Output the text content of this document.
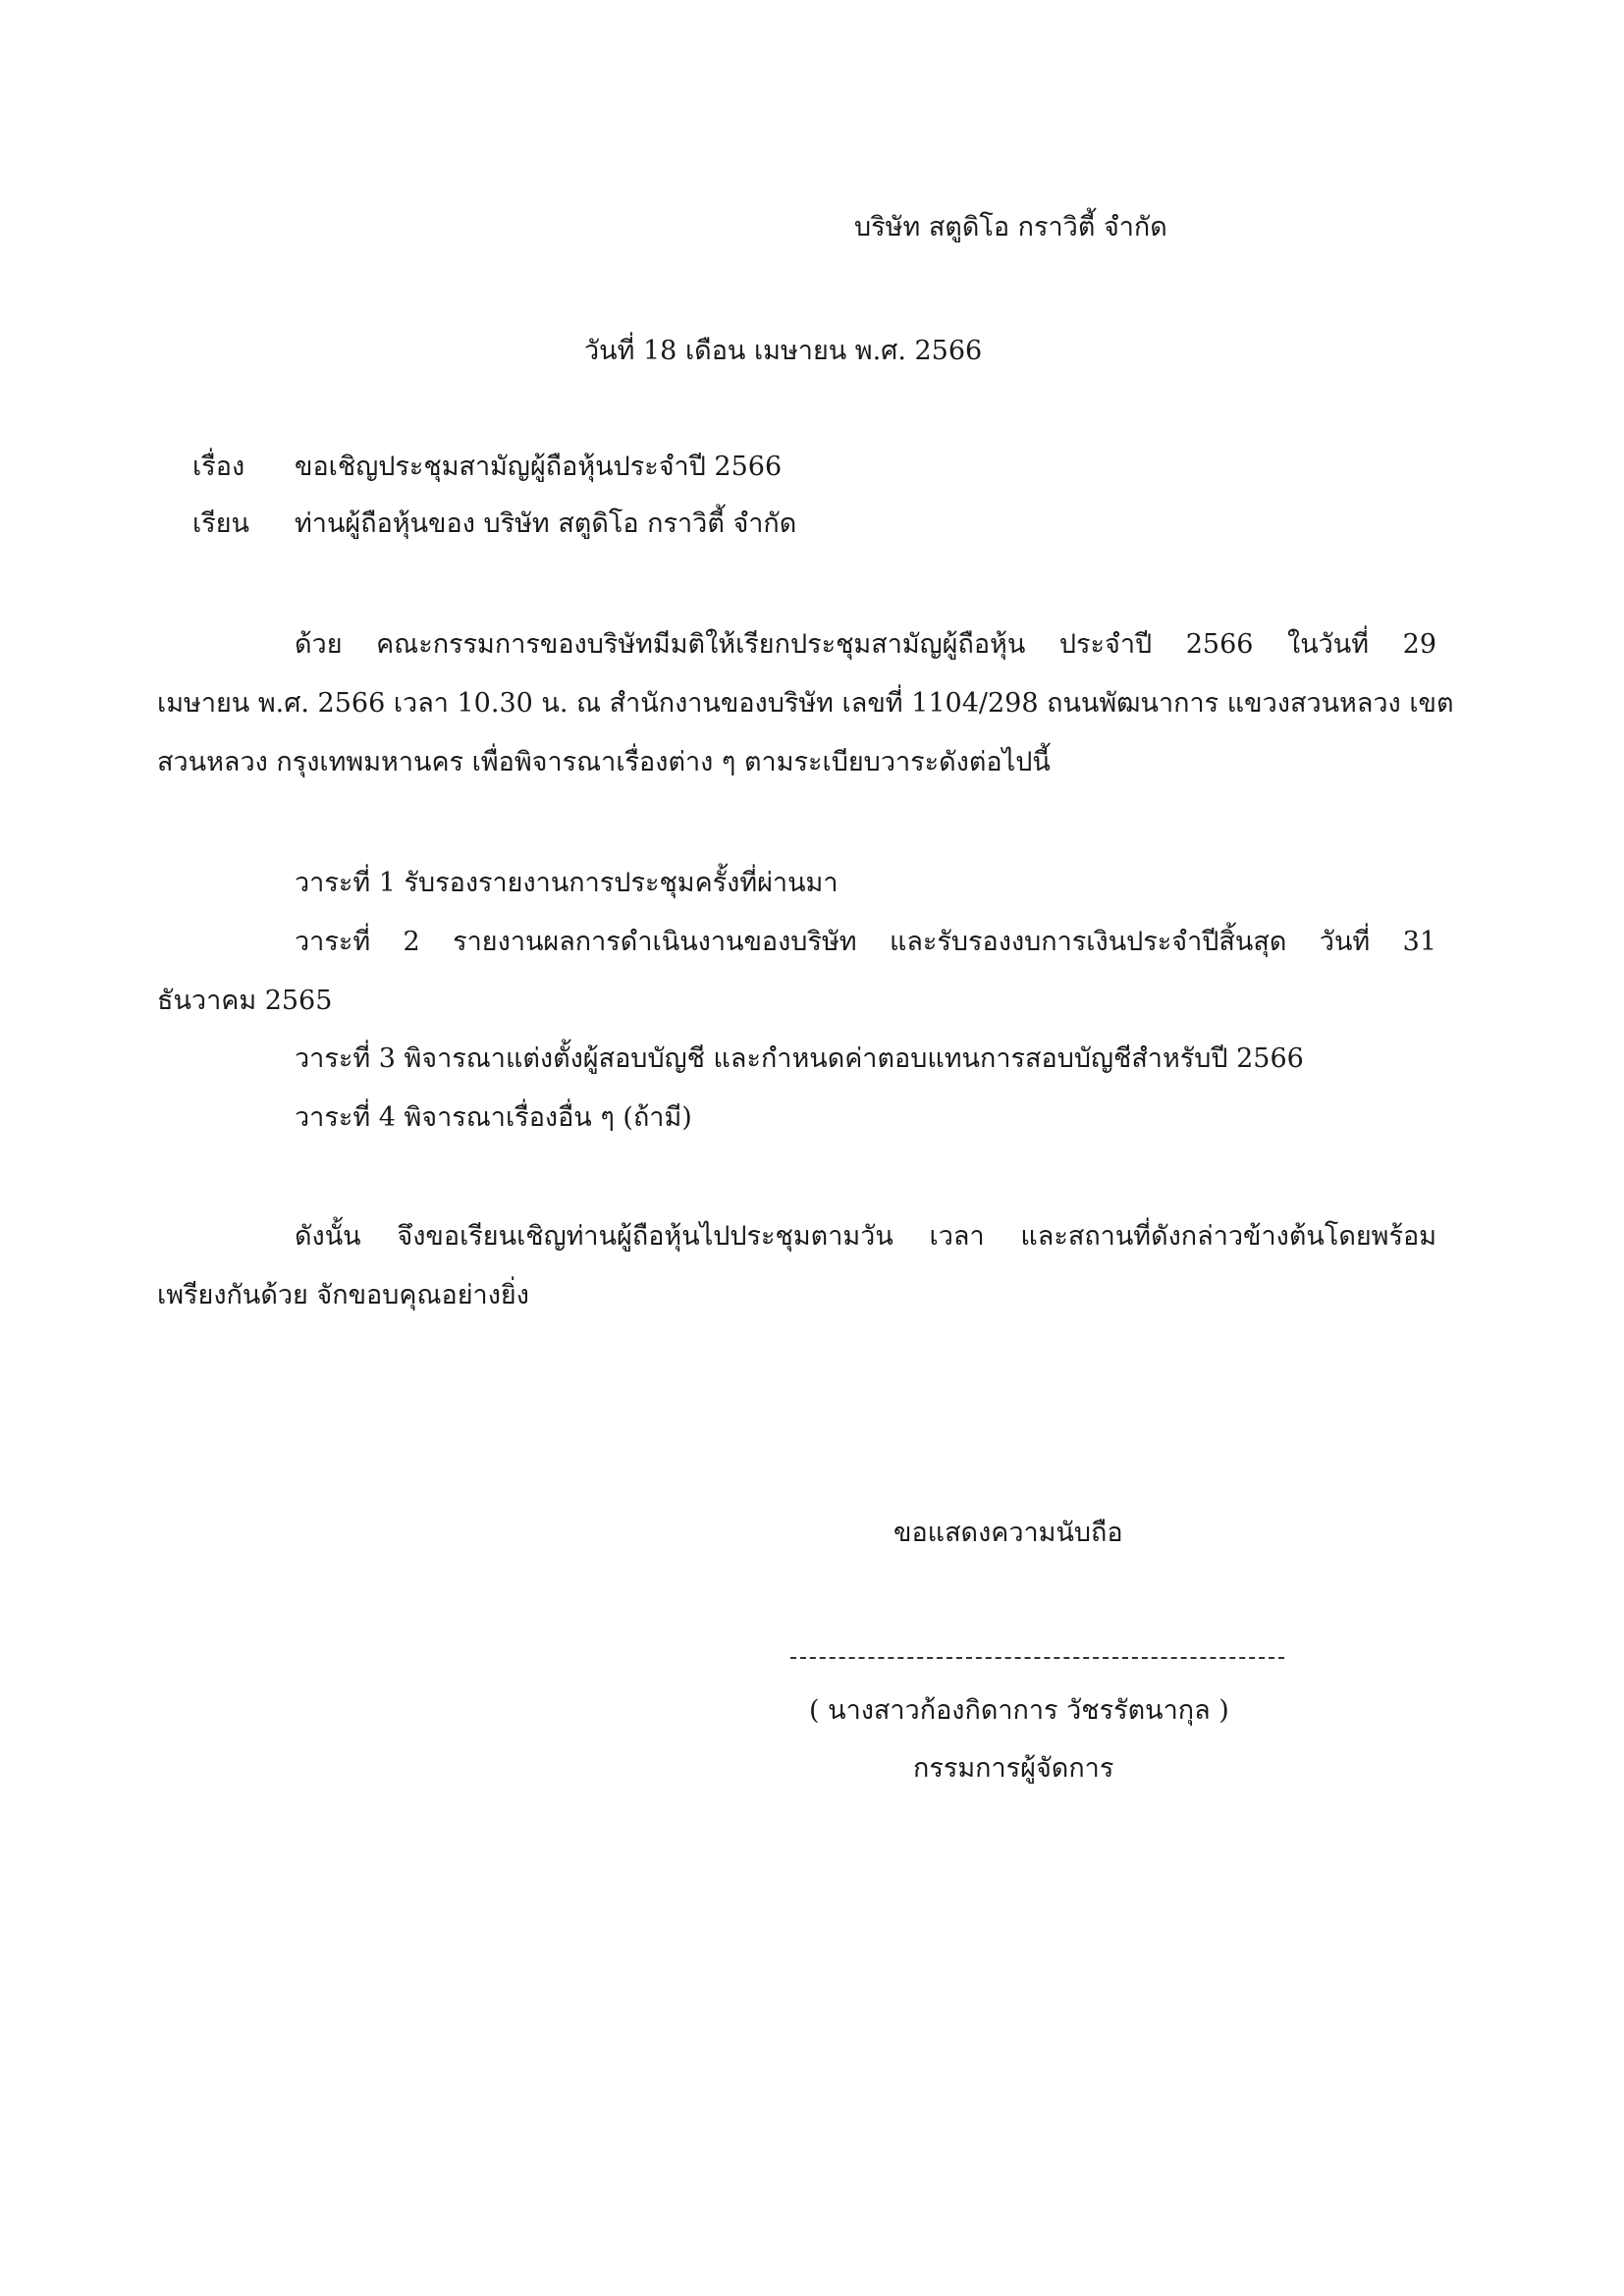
บริษัท สตูดิโอ กราวิตี้ จำกัด
วันที่ 18 เดือน เมษายน พ.ศ. 2566
เรื่อง ขอเชิญประชุมสามัญผู้ถือหุ้นประจำปี 2566
เรียน ท่านผู้ถือหุ้นของ บริษัท สตูดิโอ กราวิตี้ จำกัด
ด้วย คณะกรรมการของบริษัทมีมติให้เรียกประชุมสามัญผู้ถือหุ้น ประจำปี 2566 ในวันที่ 29
เมษายน พ.ศ. 2566 เวลา 10.30 น. ณ สำนักงานของบริษัท เลขที่ 1104/298 ถนนพัฒนาการ แขวงสวนหลวง เขต
สวนหลวง กรุงเทพมหานคร เพื่อพิจารณาเรื่องต่าง ๆ ตามระเบียบวาระดังต่อไปนี้
วาระที่ 1 รับรองรายงานการประชุมครั้งที่ผ่านมา
วาระที่ 2 รายงานผลการดำเนินงานของบริษัท และรับรองงบการเงินประจำปีสิ้นสุด วันที่ 31
ธันวาคม 2565
วาระที่ 3 พิจารณาแต่งตั้งผู้สอบบัญชี และกำหนดค่าตอบแทนการสอบบัญชีสำหรับปี 2566
วาระที่ 4 พิจารณาเรื่องอื่น ๆ (ถ้ามี)
ดังนั้น จึงขอเรียนเชิญท่านผู้ถือหุ้นไปประชุมตามวัน เวลา และสถานที่ดังกล่าวข้างต้นโดยพร้อม
เพรียงกันด้วย จักขอบคุณอย่างยิ่ง
ขอแสดงความนับถือ
( นางสาวก้องกิดาการ วัชรรัตนากุล )
กรรมการผู้จัดการ
